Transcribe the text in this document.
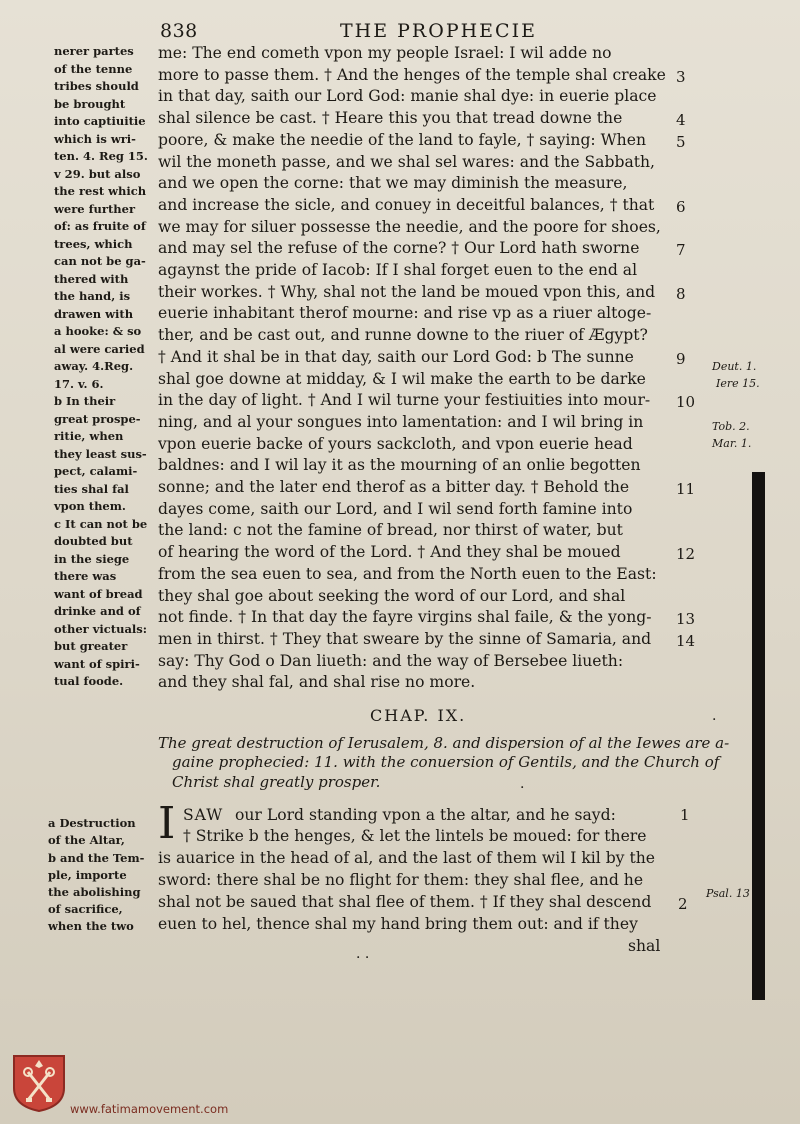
838	THE PROPHECIE
nerer partes
of the tenne
tribes should
be brought
into captiuitie
which is wri-
ten. 4. Reg 15.
v 29. but also
the rest which
were further
of: as fruite of
trees, which
can not be ga-
thered with
the hand, is
drawen with
a hooke: & so
al were caried
away. 4.Reg.
17. v. 6.
b In their
great prospe-
ritie, when
they least sus-
pect, calami-
ties shal fal
vpon them.
c It can not be
doubted but
in the siege
there was
want of bread
drinke and of
other victuals:
but greater
want of spiri-
tual foode.
me: The end cometh vpon my people Israel: I wil adde no
more to passe them. † And the henges of the temple shal creake
in that day, saith our Lord God: manie shal dye: in euerie place
shal silence be cast. † Heare this you that tread downe the
poore, & make the needie of the land to fayle, † saying: When
wil the moneth passe, and we shal sel wares: and the Sabbath,
and we open the corne: that we may diminish the measure,
and increase the sicle, and conuey in deceitful balances, † that
we may for siluer possesse the needie, and the poore for shoes,
and may sel the refuse of the corne? † Our Lord hath sworne
agaynst the pride of Iacob: If I shal forget euen to the end al
their workes. † Why, shal not the land be moued vpon this, and
euerie inhabitant therof mourne: and rise vp as a riuer altoge-
ther, and be cast out, and runne downe to the riuer of Ægypt?
† And it shal be in that day, saith our Lord God: b The sunne
shal goe downe at midday, & I wil make the earth to be darke
in the day of light. † And I wil turne your festiuities into mour-
ning, and al your songues into lamentation: and I wil bring in
vpon euerie backe of yours sackcloth, and vpon euerie head
baldnes: and I wil lay it as the mourning of an onlie begotten
sonne; and the later end therof as a bitter day. † Behold the
dayes come, saith our Lord, and I wil send forth famine into
the land: c not the famine of bread, nor thirst of water, but
of hearing the word of the Lord. † And they shal be moued
from the sea euen to sea, and from the North euen to the East:
they shal goe about seeking the word of our Lord, and shal
not finde. † In that day the fayre virgins shal faile, & the yong-
men in thirst. † They that sweare by the sinne of Samaria, and
say: Thy God o Dan liueth: and the way of Bersebee liueth:
and they shal fal, and shal rise no more.
3
4
5
6
7
8
9
10
11
12
13
14
Deut. 1.
Iere 15.
Tob. 2.
Mar. 1.
Psal. 13
CHAP. IX.
The great destruction of Ierusalem, 8. and dispersion of al the Iewes are a-
gaine prophecied: 11. with the conuersion of Gentils, and the Church of
Christ shal greatly prosper.
I SAW our Lord standing vpon a the altar, and he sayd:
† Strike b the henges, & let the lintels be moued: for there
is auarice in the head of al, and the last of them wil I kil by the
sword: there shal be no flight for them: they shal flee, and he
shal not be saued that shal flee of them. † If they shal descend
euen to hel, thence shal my hand bring them out: and if they
shal
1
2
a Destruction
of the Altar,
b and the Tem-
ple, importe
the abolishing
of sacrifice,
when the two
·
·
· ·
www.fatimamovement.com
